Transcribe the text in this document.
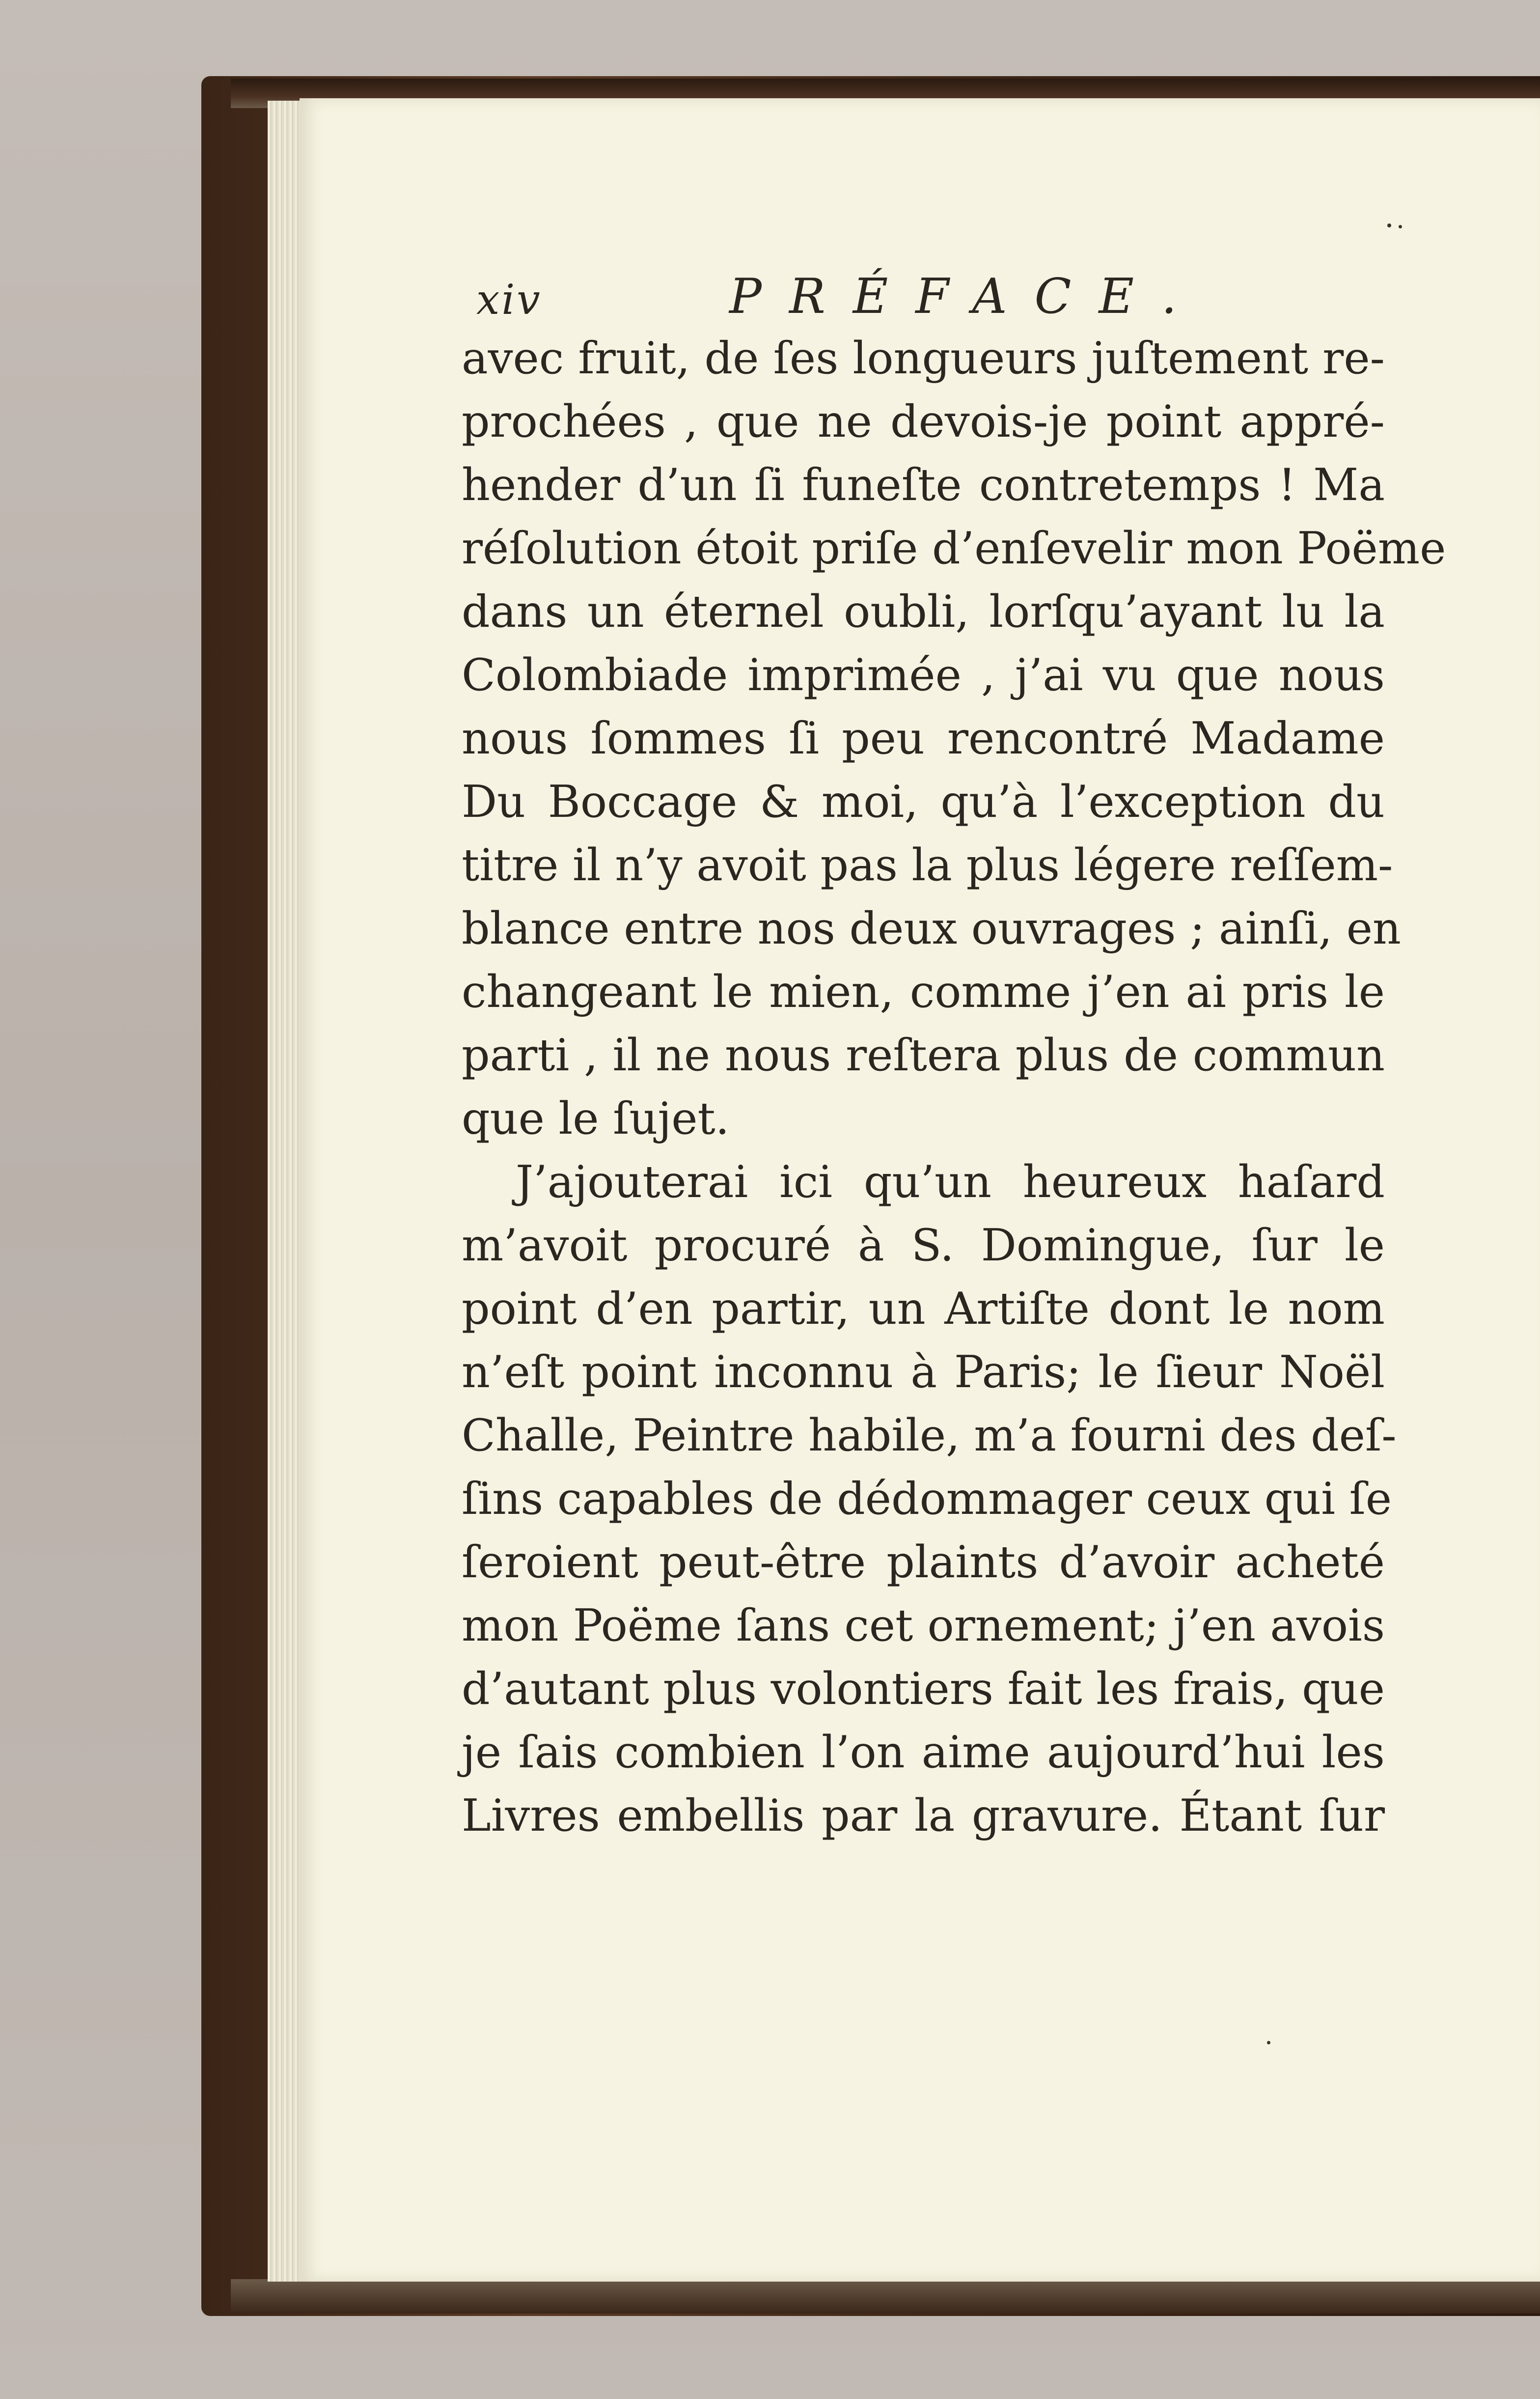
xiv	PRÉFACE.
avec fruit, de ſes longueurs juſtement re-
prochées , que ne devois-je point appré-
hender d’un ſi funeſte contretemps ! Ma
réſolution étoit priſe d’enſevelir mon Poëme
dans un éternel oubli, lorſqu’ayant lu la
Colombiade imprimée , j’ai vu que nous
nous ſommes ſi peu rencontré Madame
Du Boccage & moi, qu’à l’exception du
titre il n’y avoit pas la plus légere reſſem-
blance entre nos deux ouvrages ; ainſi, en
changeant le mien, comme j’en ai pris le
parti , il ne nous reſtera plus de commun
que le ſujet.
J’ajouterai ici qu’un heureux haſard
m’avoit procuré à S. Domingue, ſur le
point d’en partir, un Artiſte dont le nom
n’eſt point inconnu à Paris; le ſieur Noël
Challe, Peintre habile, m’a fourni des deſ-
ſins capables de dédommager ceux qui ſe
ſeroient peut-être plaints d’avoir acheté
mon Poëme ſans cet ornement; j’en avois
d’autant plus volontiers fait les frais, que
je ſais combien l’on aime aujourd’hui les
Livres embellis par la gravure. Étant ſur
